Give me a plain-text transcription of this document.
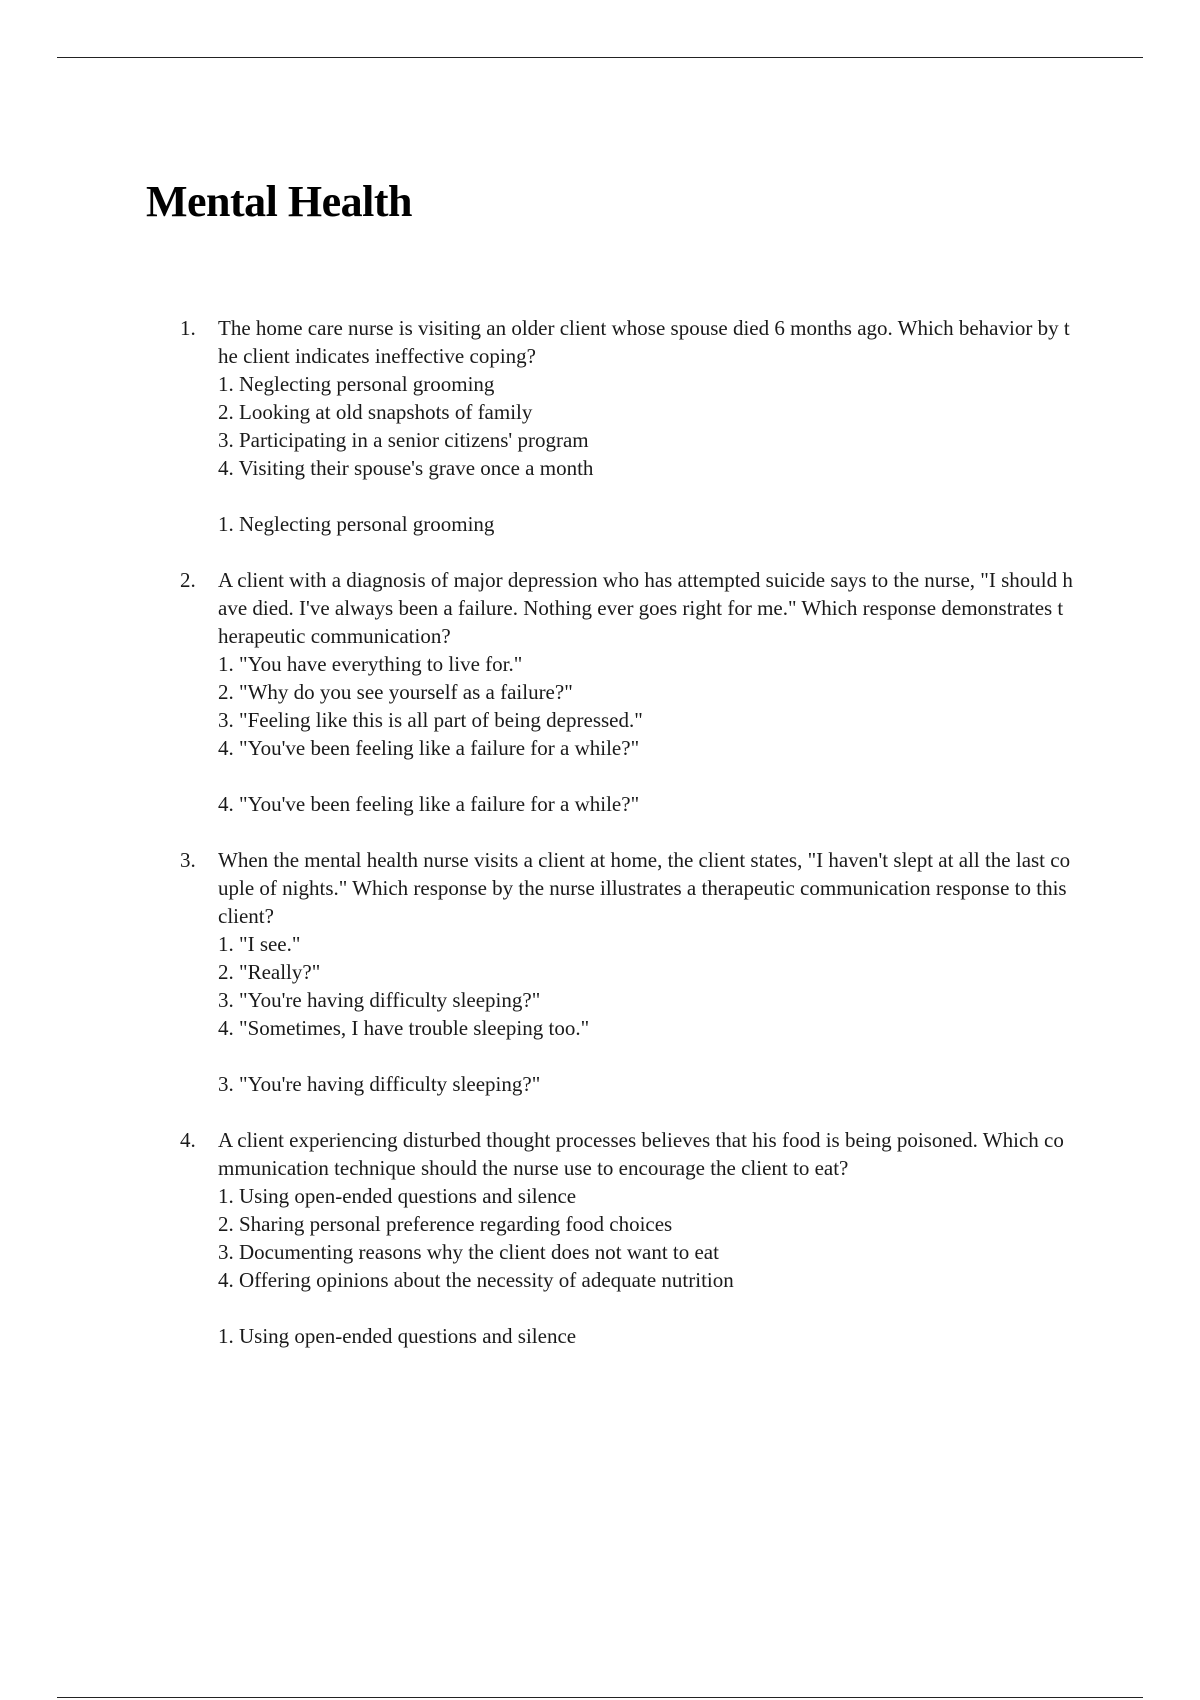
Mental Health
1. The home care nurse is visiting an older client whose spouse died 6 months ago. Which behavior by the client indicates ineffective coping?

1. Neglecting personal grooming
2. Looking at old snapshots of family
3. Participating in a senior citizens' program
4. Visiting their spouse's grave once a month

1. Neglecting personal grooming

2. A client with a diagnosis of major depression who has attempted suicide says to the nurse, "I should have died. I've always been a failure. Nothing ever goes right for me." Which response demonstrates therapeutic communication?

1. "You have everything to live for."
2. "Why do you see yourself as a failure?"
3. "Feeling like this is all part of being depressed."
4. "You've been feeling like a failure for a while?"

4. "You've been feeling like a failure for a while?"

3. When the mental health nurse visits a client at home, the client states, "I haven't slept at all the last couple of nights." Which response by the nurse illustrates a therapeutic communication response to this client?

1. "I see."
2. "Really?"
3. "You're having difficulty sleeping?"
4. "Sometimes, I have trouble sleeping too."

3. "You're having difficulty sleeping?"

4. A client experiencing disturbed thought processes believes that his food is being poisoned. Which communication technique should the nurse use to encourage the client to eat?

1. Using open-ended questions and silence
2. Sharing personal preference regarding food choices
3. Documenting reasons why the client does not want to eat
4. Offering opinions about the necessity of adequate nutrition

1. Using open-ended questions and silence
